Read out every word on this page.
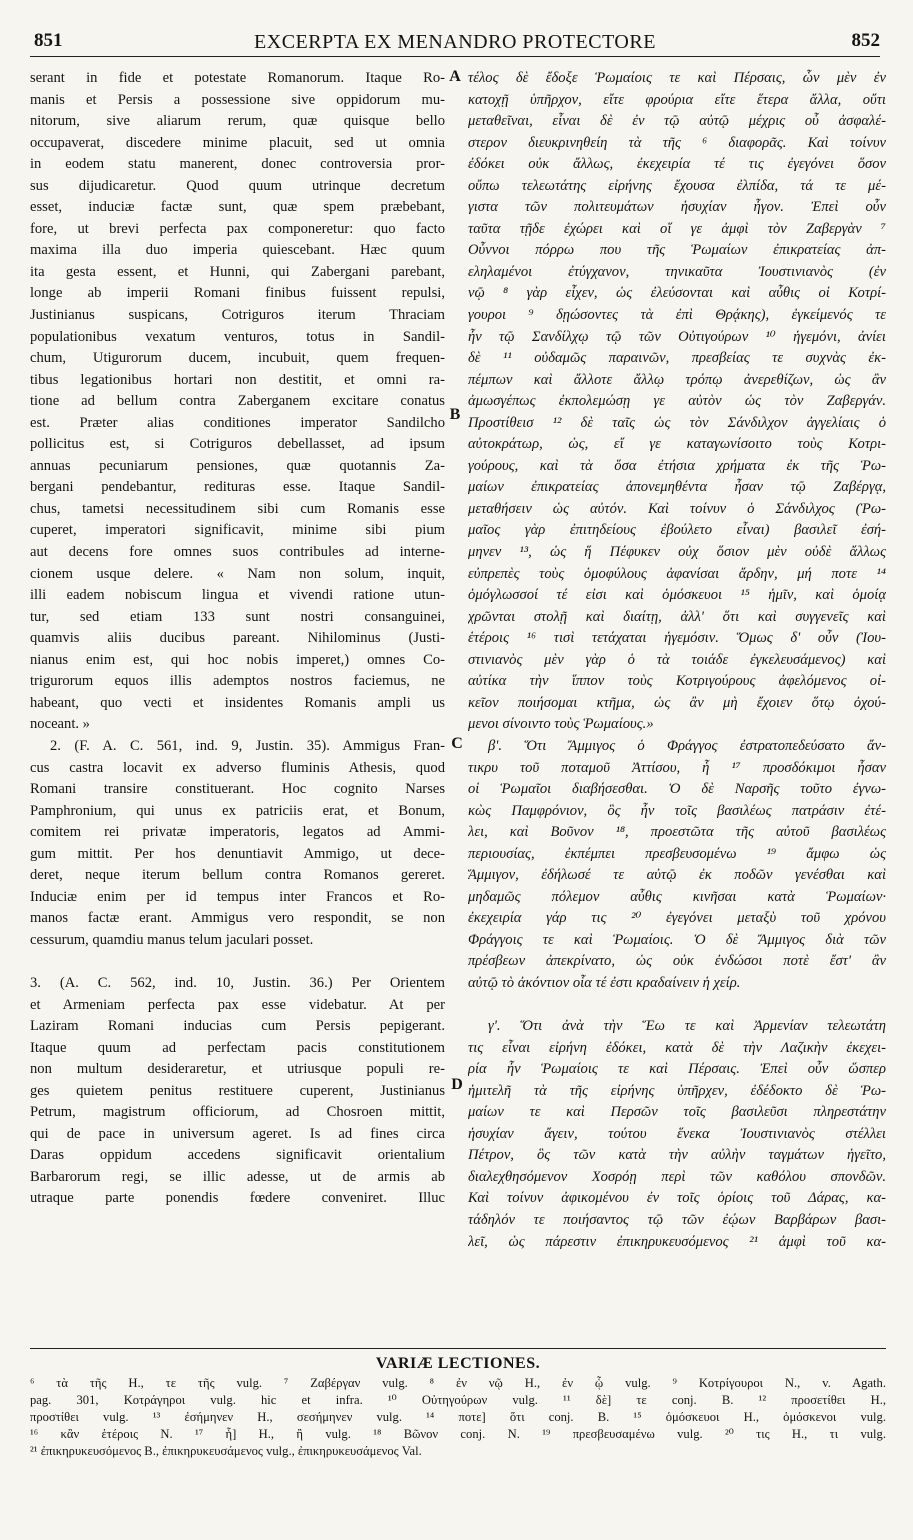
851	EXCERPTA EX MENANDRO PROTECTORE	852
serant in fide et potestate Romanorum. Itaque Ro-
manis et Persis a possessione sive oppidorum mu-
nitorum, sive aliarum rerum, quæ quisque bello
occupaverat, discedere minime placuit, sed ut omnia
in eodem statu manerent, donec controversia pror-
sus dijudicaretur. Quod quum utrinque decretum
esset, induciæ factæ sunt, quæ spem præbebant,
fore, ut brevi perfecta pax componeretur: quo facto
maxima illa duo imperia quiescebant. Hæc quum
ita gesta essent, et Hunni, qui Zabergani parebant,
longe ab imperii Romani finibus fuissent repulsi,
Justinianus suspicans, Cotriguros iterum Thraciam
populationibus vexatum venturos, totus in Sandil-
chum, Utigurorum ducem, incubuit, quem frequen-
tibus legationibus hortari non destitit, et omni ra-
tione ad bellum contra Zaberganem excitare conatus
est. Præter alias conditiones imperator Sandilcho
pollicitus est, si Cotriguros debellasset, ad ipsum
annuas pecuniarum pensiones, quæ quotannis Za-
bergani pendebantur, redituras esse. Itaque Sandil-
chus, tametsi necessitudinem sibi cum Romanis esse
cuperet, imperatori significavit, minime sibi pium
aut decens fore omnes suos contribules ad interne-
cionem usque delere. « Nam non solum, inquit,
illi eadem nobiscum lingua et vivendi ratione utun-
tur, sed etiam 133 sunt nostri consanguinei,
quamvis aliis ducibus pareant. Nihilominus (Justi-
nianus enim est, qui hoc nobis imperet,) omnes Co-
trigurorum equos illis ademptos nostros faciemus, ne
habeant, quo vecti et insidentes Romanis ampli us
noceant. »
2. (F. A. C. 561, ind. 9, Justin. 35). Ammigus Fran-
cus castra locavit ex adverso fluminis Athesis, quod
Romani transire constituerant. Hoc cognito Narses
Pamphronium, qui unus ex patriciis erat, et Bonum,
comitem rei privatæ imperatoris, legatos ad Ammi-
gum mittit. Per hos denuntiavit Ammigo, ut dece-
deret, neque iterum bellum contra Romanos gereret.
Induciæ enim per id tempus inter Francos et Ro-
manos factæ erant. Ammigus vero respondit, se non
cessurum, quamdiu manus telum jaculari posset.
3. (A. C. 562, ind. 10, Justin. 36.) Per Orientem
et Armeniam perfecta pax esse videbatur. At per
Laziram Romani inducias cum Persis pepigerant.
Itaque quum ad perfectam pacis constitutionem
non multum desideraretur, et utriusque populi re-
ges quietem penitus restituere cuperent, Justinianus
Petrum, magistrum officiorum, ad Chosroen mittit,
qui de pace in universum ageret. Is ad fines circa
Daras oppidum accedens significavit orientalium
Barbarorum regi, se illic adesse, ut de armis ab
utraque parte ponendis fœdere conveniret. Illuc
A
B
C
D
τέλος δὲ ἔδοξε Ῥωμαίοις τε καὶ Πέρσαις, ὧν μὲν ἐν
κατοχῇ ὑπῆρχον, εἴτε φρούρια εἴτε ἕτερα ἄλλα, οὔτι
μεταθεῖναι, εἶναι δὲ ἐν τῷ αὐτῷ μέχρις οὗ ἀσφαλέ-
στερον διευκρινηθείη τὰ τῆς ⁶ διαφορᾶς. Καὶ τοίνυν
ἐδόκει οὐκ ἄλλως, ἐκεχειρία τέ τις ἐγεγόνει ὅσον
οὔπω τελεωτάτης εἰρήνης ἔχουσα ἐλπίδα, τά τε μέ-
γιστα τῶν πολιτευμάτων ἡσυχίαν ἦγον. Ἐπεὶ οὖν
ταῦτα τῇδε ἐχώρει καὶ οἵ γε ἀμφὶ τὸν Ζαβεργὰν ⁷
Οὖννοι πόρρω που τῆς Ῥωμαίων ἐπικρατείας ἀπ-
εληλαμένοι ἐτύγχανον, τηνικαῦτα Ἰουστινιανὸς (ἐν
νῷ ⁸ γὰρ εἶχεν, ὡς ἐλεύσονται καὶ αὖθις οἱ Κοτρί-
γουροι ⁹ δῃώσοντες τὰ ἐπὶ Θρᾴκης), ἐγκείμενός τε
ἦν τῷ Σανδίλχῳ τῷ τῶν Οὐτιγούρων ¹⁰ ἡγεμόνι, ἀνίει
δὲ ¹¹ οὐδαμῶς παραινῶν, πρεσβείας τε συχνὰς ἐκ-
πέμπων καὶ ἄλλοτε ἄλλῳ τρόπῳ ἀνερεθίζων, ὡς ἂν
ἀμωσγέπως ἐκπολεμώσῃ γε αὐτὸν ὡς τὸν Ζαβεργάν.
Προστίθεισ ¹² δὲ ταῖς ὡς τὸν Σάνδιλχον ἀγγελίαις ὁ
αὐτοκράτωρ, ὡς, εἴ γε καταγωνίσοιτο τοὺς Κοτρι-
γούρους, καὶ τὰ ὅσα ἐτήσια χρήματα ἐκ τῆς Ῥω-
μαίων ἐπικρατείας ἀπονεμηθέντα ἦσαν τῷ Ζαβέργᾳ,
μεταθήσειν ὡς αὐτόν. Καὶ τοίνυν ὁ Σάνδιλχος (Ῥω-
μαῖος γὰρ ἐπιτηδείους ἐβούλετο εἶναι) βασιλεῖ ἐσή-
μηνεν ¹³, ὡς ἥ Πέφυκεν οὐχ ὅσιον μὲν οὐδὲ ἄλλως
εὐπρεπὲς τοὺς ὁμοφύλους ἀφανίσαι ἄρδην, μή ποτε ¹⁴
ὁμόγλωσσοί τέ εἰσι καὶ ὁμόσκευοι ¹⁵ ἡμῖν, καὶ ὁμοίᾳ
χρῶνται στολῇ καὶ διαίτῃ, ἀλλ' ὅτι καὶ συγγενεῖς καὶ
ἑτέροις ¹⁶ τισὶ τετάχαται ἡγεμόσιν. Ὅμως δ' οὖν (Ἰου-
στινιανὸς μὲν γὰρ ὁ τὰ τοιάδε ἐγκελευσάμενος) καὶ
αὐτίκα τὴν ἵππον τοὺς Κοτριγούρους ἀφελόμενος οἰ-
κεῖον ποιήσομαι κτῆμα, ὡς ἂν μὴ ἔχοιεν ὅτῳ ὀχού-
μενοι σίνοιντο τοὺς Ῥωμαίους.»
β'. Ὅτι Ἄμμιγος ὁ Φράγγος ἐστρατοπεδεύσατο ἄν-
τικρυ τοῦ ποταμοῦ Ἀττίσου, ἧ ¹⁷ προσδόκιμοι ἦσαν
οἱ Ῥωμαῖοι διαβήσεσθαι. Ὁ δὲ Ναρσῆς τοῦτο ἐγνω-
κὼς Παμφρόνιον, ὃς ἦν τοῖς βασιλέως πατράσιν ἐτέ-
λει, καὶ Βοῦνον ¹⁸, προεστῶτα τῆς αὐτοῦ βασιλέως
περιουσίας, ἐκπέμπει πρεσβευσομένω ¹⁹ ἄμφω ὡς
Ἄμμιγον, ἐδήλωσέ τε αὐτῷ ἐκ ποδῶν γενέσθαι καὶ
μηδαμῶς πόλεμον αὖθις κινῆσαι κατὰ Ῥωμαίων·
ἐκεχειρία γάρ τις ²⁰ ἐγεγόνει μεταξὺ τοῦ χρόνου
Φράγγοις τε καὶ Ῥωμαίοις. Ὁ δὲ Ἄμμιγος διὰ τῶν
πρέσβεων ἀπεκρίνατο, ὡς οὐκ ἐνδώσοι ποτὲ ἔστ' ἂν
αὐτῷ τὸ ἀκόντιον οἷα τέ ἐστι κραδαίνειν ἡ χείρ.
γ'. Ὅτι ἀνὰ τὴν Ἕω τε καὶ Ἀρμενίαν τελεωτάτη
τις εἶναι εἰρήνη ἐδόκει, κατὰ δὲ τὴν Λαζικὴν ἐκεχει-
ρία ἦν Ῥωμαίοις τε καὶ Πέρσαις. Ἐπεὶ οὖν ὥσπερ
ἡμιτελῆ τὰ τῆς εἰρήνης ὑπῆρχεν, ἐδέδοκτο δὲ Ῥω-
μαίων τε καὶ Περσῶν τοῖς βασιλεῦσι πληρεστάτην
ἡσυχίαν ἄγειν, τούτου ἕνεκα Ἰουστινιανὸς στέλλει
Πέτρον, ὃς τῶν κατὰ τὴν αὐλὴν ταγμάτων ἡγεῖτο,
διαλεχθησόμενον Χοσρόῃ περὶ τῶν καθόλου σπονδῶν.
Καὶ τοίνυν ἀφικομένου ἐν τοῖς ὁρίοις τοῦ Δάρας, κα-
τάδηλόν τε ποιήσαντος τῷ τῶν ἐῴων Βαρβάρων βασι-
λεῖ, ὡς πάρεστιν ἐπικηρυκευσόμενος ²¹ ἀμφὶ τοῦ κα-
VARIÆ LECTIONES.
⁶ τὰ τῆς H., τε τῆς vulg. ⁷ Ζαβέργαν vulg. ⁸ ἐν νῷ H., ἐν ᾧ vulg. ⁹ Κοτρίγουροι N., v. Agath.
pag. 301, Κοτράγηροι vulg. hic et infra. ¹⁰ Οὐτηγούρων vulg. ¹¹ δὲ] τε conj. B. ¹² προσετίθει H.,
προστίθει vulg. ¹³ ἐσήμηνεν H., σεσήμηνεν vulg. ¹⁴ ποτε] ὅτι conj. B. ¹⁵ ὁμόσκευοι H., ὁμόσκενοι vulg.
¹⁶ κἂν ἑτέροις N. ¹⁷ ἧ] H., ἢ vulg. ¹⁸ Βῶνον conj. N. ¹⁹ πρεσβευσαμένω vulg. ²⁰ τις H., τι vulg.
²¹ ἐπικηρυκευσόμενος B., ἐπικηρυκευσάμενος vulg., ἐπικηρυκευσάμενος Val.
